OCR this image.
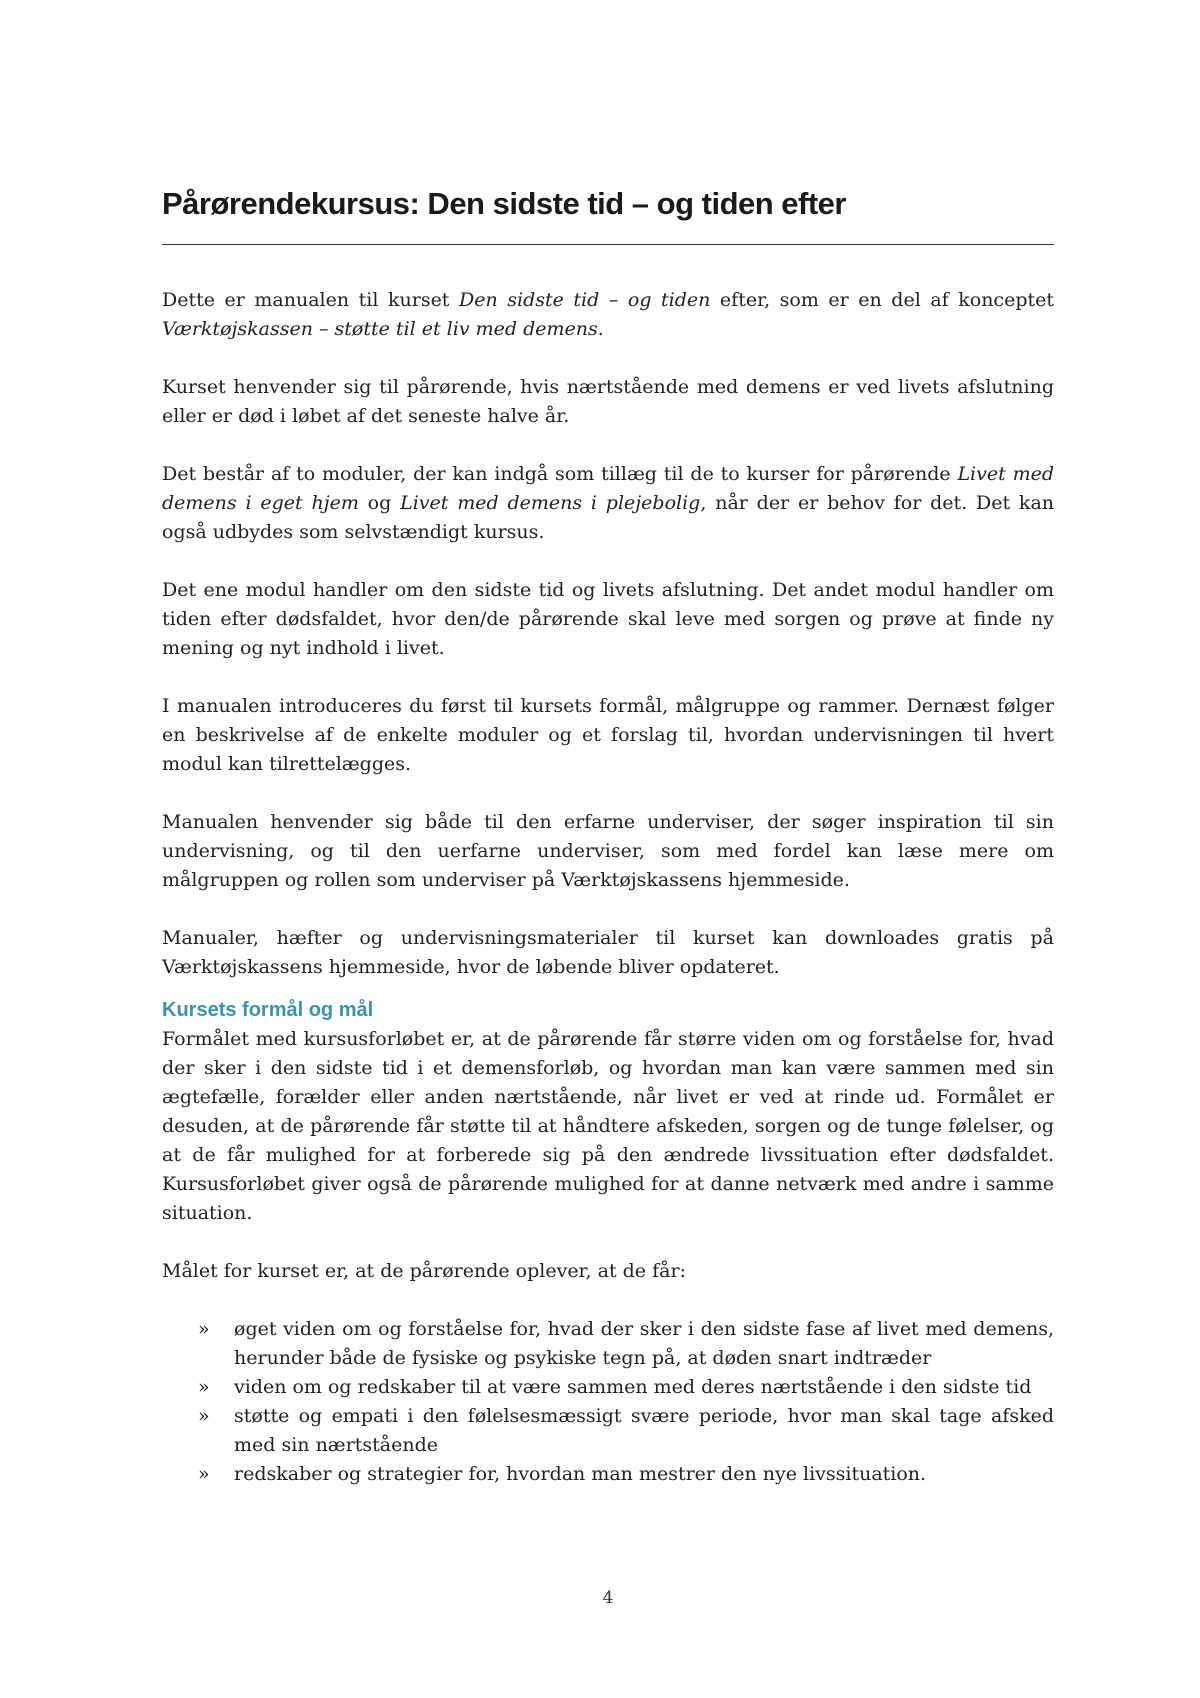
Pårørendekursus: Den sidste tid – og tiden efter

Dette er manualen til kurset Den sidste tid – og tiden efter, som er en del af konceptet Værktøjskassen – støtte til et liv med demens.

Kurset henvender sig til pårørende, hvis nærtstående med demens er ved livets afslutning eller er død i løbet af det seneste halve år.

Det består af to moduler, der kan indgå som tillæg til de to kurser for pårørende Livet med demens i eget hjem og Livet med demens i plejebolig, når der er behov for det. Det kan også udbydes som selvstændigt kursus.

Det ene modul handler om den sidste tid og livets afslutning. Det andet modul handler om tiden efter dødsfaldet, hvor den/de pårørende skal leve med sorgen og prøve at finde ny mening og nyt indhold i livet.

I manualen introduceres du først til kursets formål, målgruppe og rammer. Dernæst følger en beskrivelse af de enkelte moduler og et forslag til, hvordan undervisningen til hvert modul kan tilrettelægges.

Manualen henvender sig både til den erfarne underviser, der søger inspiration til sin undervisning, og til den uerfarne underviser, som med fordel kan læse mere om målgruppen og rollen som underviser på Værktøjskassens hjemmeside.

Manualer, hæfter og undervisningsmaterialer til kurset kan downloades gratis på Værktøjskassens hjemmeside, hvor de løbende bliver opdateret.

Kursets formål og mål

Formålet med kursusforløbet er, at de pårørende får større viden om og forståelse for, hvad der sker i den sidste tid i et demensforløb, og hvordan man kan være sammen med sin ægtefælle, forælder eller anden nærtstående, når livet er ved at rinde ud. Formålet er desuden, at de pårørende får støtte til at håndtere afskeden, sorgen og de tunge følelser, og at de får mulighed for at forberede sig på den ændrede livssituation efter dødsfaldet. Kursusforløbet giver også de pårørende mulighed for at danne netværk med andre i samme situation.

Målet for kurset er, at de pårørende oplever, at de får:

» øget viden om og forståelse for, hvad der sker i den sidste fase af livet med demens, herunder både de fysiske og psykiske tegn på, at døden snart indtræder
» viden om og redskaber til at være sammen med deres nærtstående i den sidste tid
» støtte og empati i den følelsesmæssigt svære periode, hvor man skal tage afsked med sin nærtstående
» redskaber og strategier for, hvordan man mestrer den nye livssituation.
4
